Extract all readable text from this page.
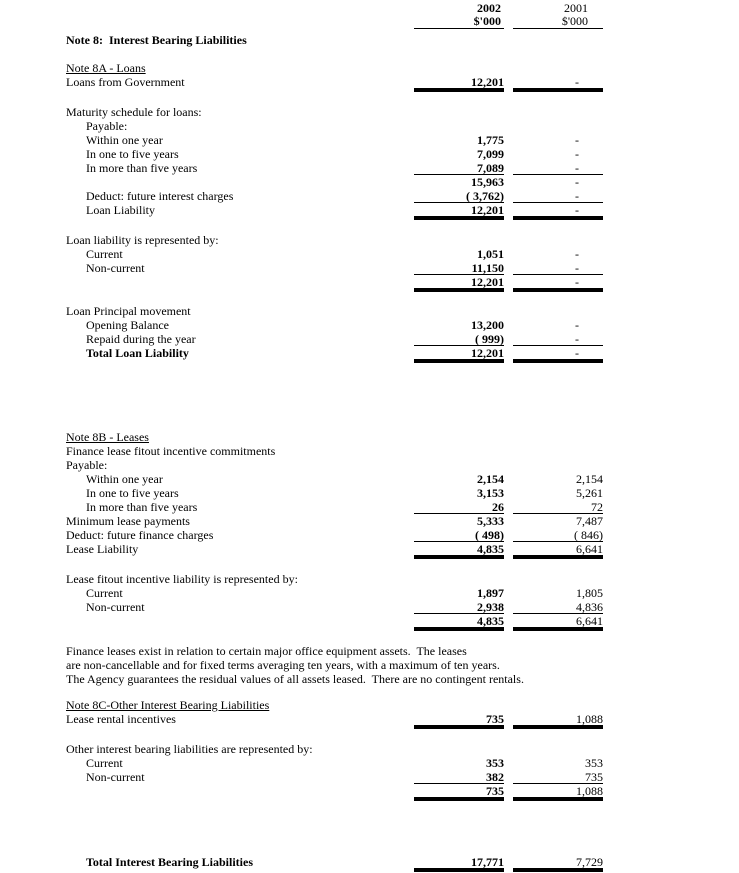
2002
$'000
2001
$'000
Note 8:  Interest Bearing Liabilities
Note 8A - Loans
Loans from Government	12,201	-
Maturity schedule for loans:
Payable:
Within one year	1,775	-
In one to five years	7,099	-
In more than five years	7,089	-
15,963	-
Deduct: future interest charges	( 3,762)	-
Loan Liability	12,201	-
Loan liability is represented by:
Current	1,051	-
Non-current	11,150	-
12,201	-
Loan Principal movement
Opening Balance	13,200	-
Repaid during the year	( 999)	-
Total Loan Liability	12,201	-
Note 8B - Leases
Finance lease fitout incentive commitments
Payable:
Within one year	2,154	2,154
In one to five years	3,153	5,261
In more than five years	26	72
Minimum lease payments	5,333	7,487
Deduct: future finance charges	( 498)	( 846)
Lease Liability	4,835	6,641
Lease fitout incentive liability is represented by:
Current	1,897	1,805
Non-current	2,938	4,836
4,835	6,641
Finance leases exist in relation to certain major office equipment assets.  The leases
are non-cancellable and for fixed terms averaging ten years, with a maximum of ten years.
The Agency guarantees the residual values of all assets leased.  There are no contingent rentals.
Note 8C-Other Interest Bearing Liabilities
Lease rental incentives	735	1,088
Other interest bearing liabilities are represented by:
Current	353	353
Non-current	382	735
735	1,088
Total Interest Bearing Liabilities	17,771	7,729
